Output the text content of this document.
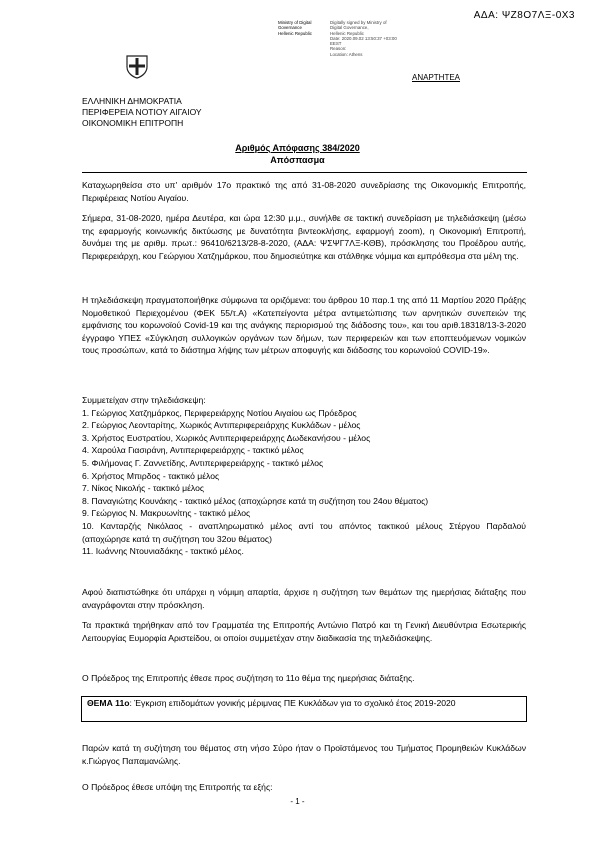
ΑΔΑ: ΨΖ8Ο7ΛΞ-0Χ3
Ministry of Digital
Governance
Hellenic Republic
Digitally signed by Ministry of
Digital Governance,
Hellenic Republic
Date: 2020.09.02 13:50:37 +03:00
EEST
Reason:
Location: Athens
ΑΝΑΡΤΗΤΕΑ
ΕΛΛΗΝΙΚΗ ΔΗΜΟΚΡΑΤΙΑ
ΠΕΡΙΦΕΡΕΙΑ ΝΟΤΙΟΥ ΑΙΓΑΙΟΥ
ΟΙΚΟΝΟΜΙΚΗ ΕΠΙΤΡΟΠΗ
Αριθμός Απόφασης 384/2020
Απόσπασμα
Καταχωρηθείσα στο υπ' αριθμόν 17ο πρακτικό της από 31-08-2020 συνεδρίασης της Οικονομικής Επιτροπής, Περιφέρειας Νοτίου Αιγαίου.
Σήμερα, 31-08-2020, ημέρα Δευτέρα, και ώρα 12:30 μ.μ., συνήλθε σε τακτική συνεδρίαση με τηλεδιάσκεψη (μέσω της εφαρμογής κοινωνικής δικτύωσης με δυνατότητα βιντεοκλήσης, εφαρμογή zoom), η Οικονομική Επιτροπή, δυνάμει της με αριθμ. πρωτ.: 96410/6213/28-8-2020, (ΑΔΑ: ΨΣΨΓ7ΛΞ-ΚΘΒ), πρόσκλησης του Προέδρου αυτής, Περιφερειάρχη, κου Γεώργιου Χατζημάρκου, που δημοσιεύτηκε και στάλθηκε νόμιμα και εμπρόθεσμα στα μέλη της.
Η τηλεδιάσκεψη πραγματοποιήθηκε σύμφωνα τα οριζόμενα: του άρθρου 10 παρ.1 της από 11 Μαρτίου 2020 Πράξης Νομοθετικού Περιεχομένου (ΦΕΚ 55/τ.Α) «Κατεπείγοντα μέτρα αντιμετώπισης των αρνητικών συνεπειών της εμφάνισης του κορωνοϊού Covid-19 και της ανάγκης περιορισμού της διάδοσης του», και του αριθ.18318/13-3-2020 έγγραφο ΥΠΕΣ «Σύγκληση συλλογικών οργάνων των δήμων, των περιφερειών και των εποπτευόμενων νομικών τους προσώπων, κατά το διάστημα λήψης των μέτρων αποφυγής και διάδοσης του κορωνοϊού COVID-19».
Συμμετείχαν στην τηλεδιάσκεψη:
1. Γεώργιος Χατζημάρκος, Περιφερειάρχης Νοτίου Αιγαίου ως Πρόεδρος
2. Γεώργιος Λεονταρίτης, Χωρικός Αντιπεριφερειάρχης Κυκλάδων - μέλος
3. Χρήστος Ευστρατίου, Χωρικός Αντιπεριφερειάρχης Δωδεκανήσου - μέλος
4. Χαρούλα Γιασιράνη, Αντιπεριφερειάρχης - τακτικό μέλος
5. Φιλήμονας Γ. Ζαννετίδης, Αντιπεριφερειάρχης - τακτικό μέλος
6. Χρήστος Μπιρδος - τακτικό μέλος
7. Νίκος Νικολής - τακτικό μέλος
8. Παναγιώτης Κουνάκης - τακτικό μέλος (αποχώρησε κατά τη συζήτηση του 24ου θέματος)
9. Γεώργιος Ν. Μακρυωνίτης - τακτικό μέλος
10. Κανταρζής Νικόλαος - αναπληρωματικό μέλος αντί του απόντος τακτικού μέλους Στέργου Παρδαλού (αποχώρησε κατά τη συζήτηση του 32ου θέματος)
11. Ιωάννης Ντουνιαδάκης - τακτικό μέλος.
Αφού διαπιστώθηκε ότι υπάρχει η νόμιμη απαρτία, άρχισε η συζήτηση των θεμάτων της ημερήσιας διάταξης που αναγράφονται στην πρόσκληση.
Τα πρακτικά τηρήθηκαν από τον Γραμματέα της Επιτροπής Αντώνιο Πατρό και τη Γενική Διευθύντρια Εσωτερικής Λειτουργίας Ευμορφία Αριστείδου, οι οποίοι συμμετέχαν στην διαδικασία της τηλεδιάσκεψης.
Ο Πρόεδρος της Επιτροπής έθεσε προς συζήτηση το 11ο θέμα της ημερήσιας διάταξης.
ΘΕΜΑ 11ο: Έγκριση επιδομάτων γονικής μέριμνας ΠΕ Κυκλάδων για το σχολικό έτος 2019-2020
Παρών κατά τη συζήτηση του θέματος στη νήσο Σύρο ήταν ο Προϊστάμενος του Τμήματος Προμηθειών Κυκλάδων κ.Γιώργος Παπαμανώλης.
Ο Πρόεδρος έθεσε υπόψη της Επιτροπής τα εξής:
- 1 -
